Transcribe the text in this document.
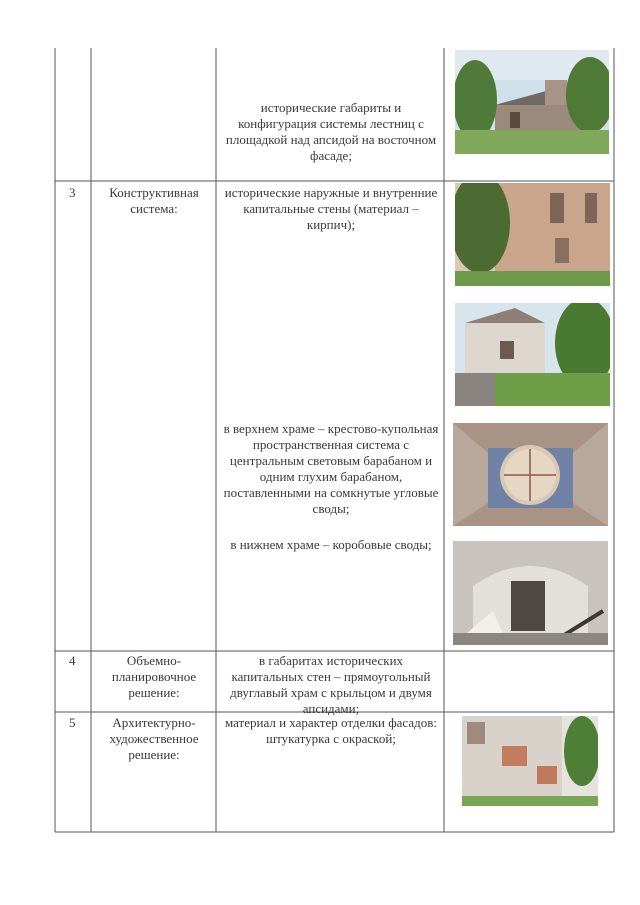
исторические габариты и конфигурация системы лестниц с площадкой над апсидой на восточном фасаде;
3	Конструктивная система:
исторические наружные и внутренние капитальные стены (материал – кирпич);
в верхнем храме – крестово-купольная пространственная система с центральным световым барабаном и одним глухим барабаном, поставленными на сомкнутые угловые своды;
в нижнем храме – коробовые своды;
4	Объемно-планировочное решение:
в габаритах исторических капитальных стен – прямоугольный двуглавый храм с крыльцом и двумя апсидами;
5	Архитектурно-художественное решение:
материал и характер отделки фасадов: штукатурка с окраской;
